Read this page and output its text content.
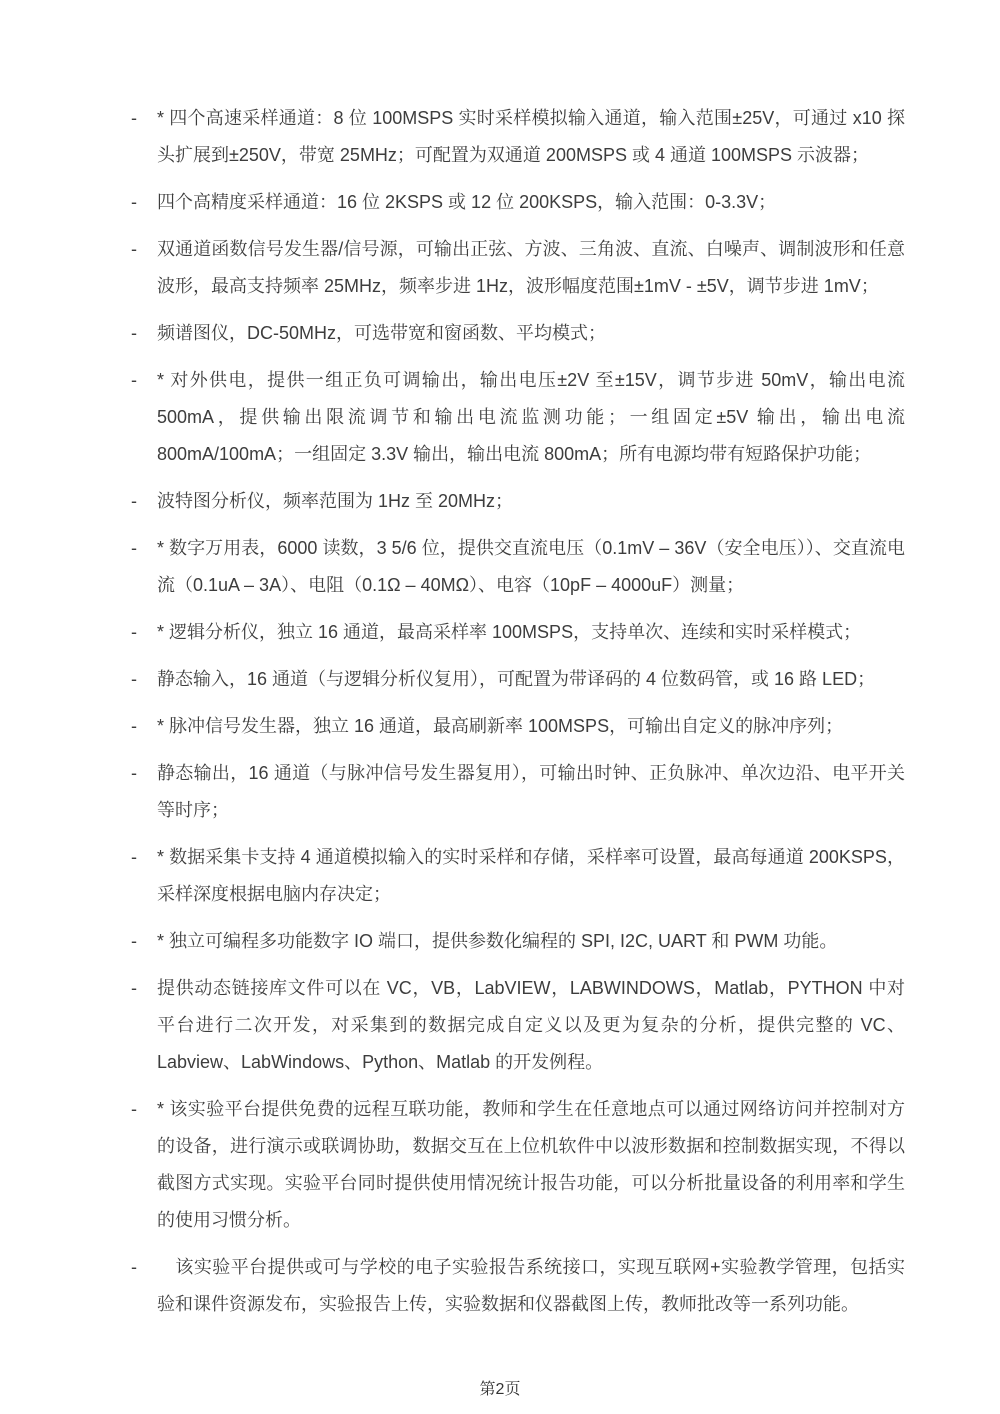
-	* 四个高速采样通道：8 位 100MSPS 实时采样模拟输入通道，输入范围±25V，可通过 x10 探头扩展到±250V，带宽 25MHz；可配置为双通道 200MSPS 或 4 通道 100MSPS 示波器；
-	四个高精度采样通道：16 位 2KSPS 或 12 位 200KSPS，输入范围：0-3.3V；
-	双通道函数信号发生器/信号源，可输出正弦、方波、三角波、直流、白噪声、调制波形和任意波形，最高支持频率 25MHz，频率步进 1Hz，波形幅度范围±1mV - ±5V，调节步进 1mV；
-	频谱图仪，DC-50MHz，可选带宽和窗函数、平均模式；
-	* 对外供电，提供一组正负可调输出，输出电压±2V 至±15V，调节步进 50mV，输出电流 500mA，提供输出限流调节和输出电流监测功能；一组固定±5V 输出，输出电流 800mA/100mA；一组固定 3.3V 输出，输出电流 800mA；所有电源均带有短路保护功能；
-	波特图分析仪，频率范围为 1Hz 至 20MHz；
-	* 数字万用表，6000 读数，3 5/6 位，提供交直流电压（0.1mV – 36V（安全电压））、交直流电流（0.1uA – 3A）、电阻（0.1Ω – 40MΩ）、电容（10pF – 4000uF）测量；
-	* 逻辑分析仪，独立 16 通道，最高采样率 100MSPS，支持单次、连续和实时采样模式；
-	静态输入，16 通道（与逻辑分析仪复用），可配置为带译码的 4 位数码管，或 16 路 LED；
-	* 脉冲信号发生器，独立 16 通道，最高刷新率 100MSPS，可输出自定义的脉冲序列；
-	静态输出，16 通道（与脉冲信号发生器复用），可输出时钟、正负脉冲、单次边沿、电平开关等时序；
-	* 数据采集卡支持 4 通道模拟输入的实时采样和存储，采样率可设置，最高每通道 200KSPS，采样深度根据电脑内存决定；
-	* 独立可编程多功能数字 IO 端口，提供参数化编程的 SPI, I2C, UART 和 PWM 功能。
-	提供动态链接库文件可以在 VC，VB，LabVIEW，LABWINDOWS，Matlab，PYTHON 中对平台进行二次开发，对采集到的数据完成自定义以及更为复杂的分析，提供完整的 VC、Labview、LabWindows、Python、Matlab 的开发例程。
-	* 该实验平台提供免费的远程互联功能，教师和学生在任意地点可以通过网络访问并控制对方的设备，进行演示或联调协助，数据交互在上位机软件中以波形数据和控制数据实现，不得以截图方式实现。实验平台同时提供使用情况统计报告功能，可以分析批量设备的利用率和学生的使用习惯分析。
-	　该实验平台提供或可与学校的电子实验报告系统接口，实现互联网+实验教学管理，包括实验和课件资源发布，实验报告上传，实验数据和仪器截图上传，教师批改等一系列功能。
第2页
